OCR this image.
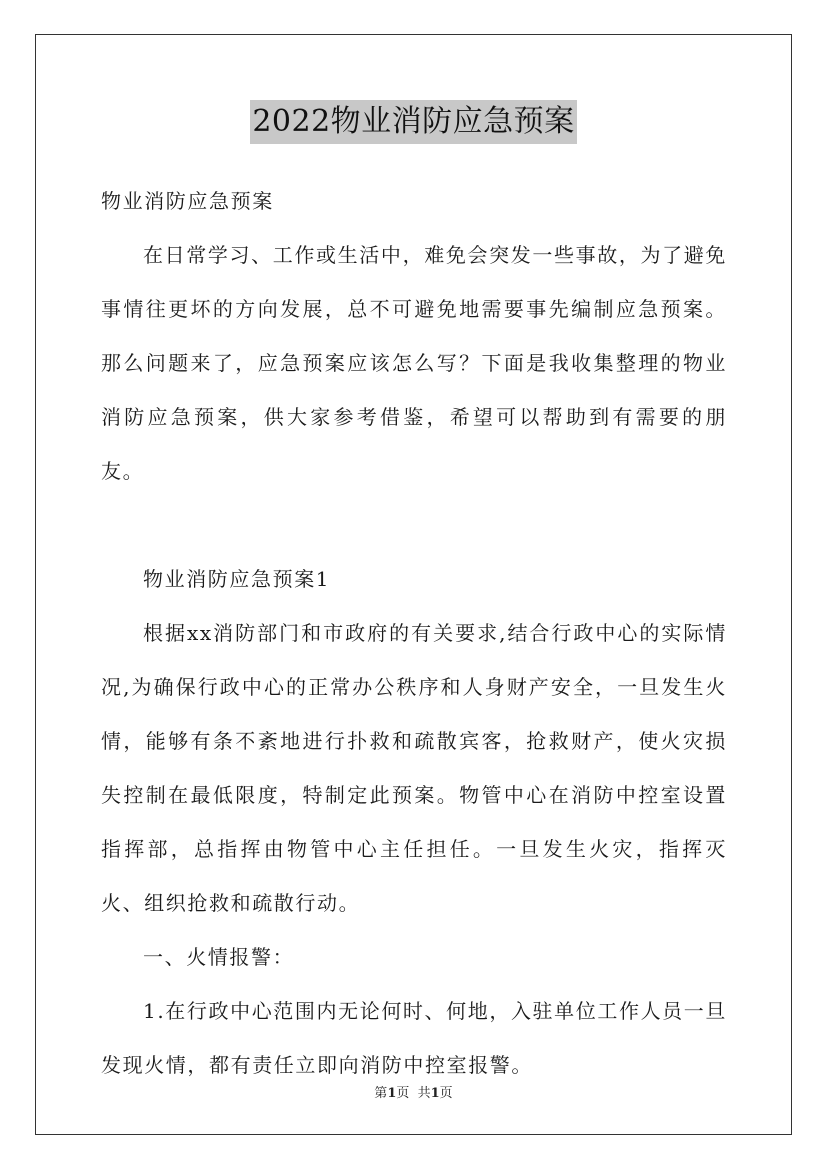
2022物业消防应急预案

物业消防应急预案

在日常学习、工作或生活中，难免会突发一些事故，为了避免事情往更坏的方向发展，总不可避免地需要事先编制应急预案。那么问题来了，应急预案应该怎么写？下面是我收集整理的物业消防应急预案，供大家参考借鉴，希望可以帮助到有需要的朋友。

物业消防应急预案1

根据xx消防部门和市政府的有关要求,结合行政中心的实际情况,为确保行政中心的正常办公秩序和人身财产安全，一旦发生火情，能够有条不紊地进行扑救和疏散宾客，抢救财产，使火灾损失控制在最低限度，特制定此预案。物管中心在消防中控室设置指挥部，总指挥由物管中心主任担任。一旦发生火灾，指挥灭火、组织抢救和疏散行动。

一、火情报警：

1.在行政中心范围内无论何时、何地，入驻单位工作人员一旦发现火情，都有责任立即向消防中控室报警。

第1页  共1页
